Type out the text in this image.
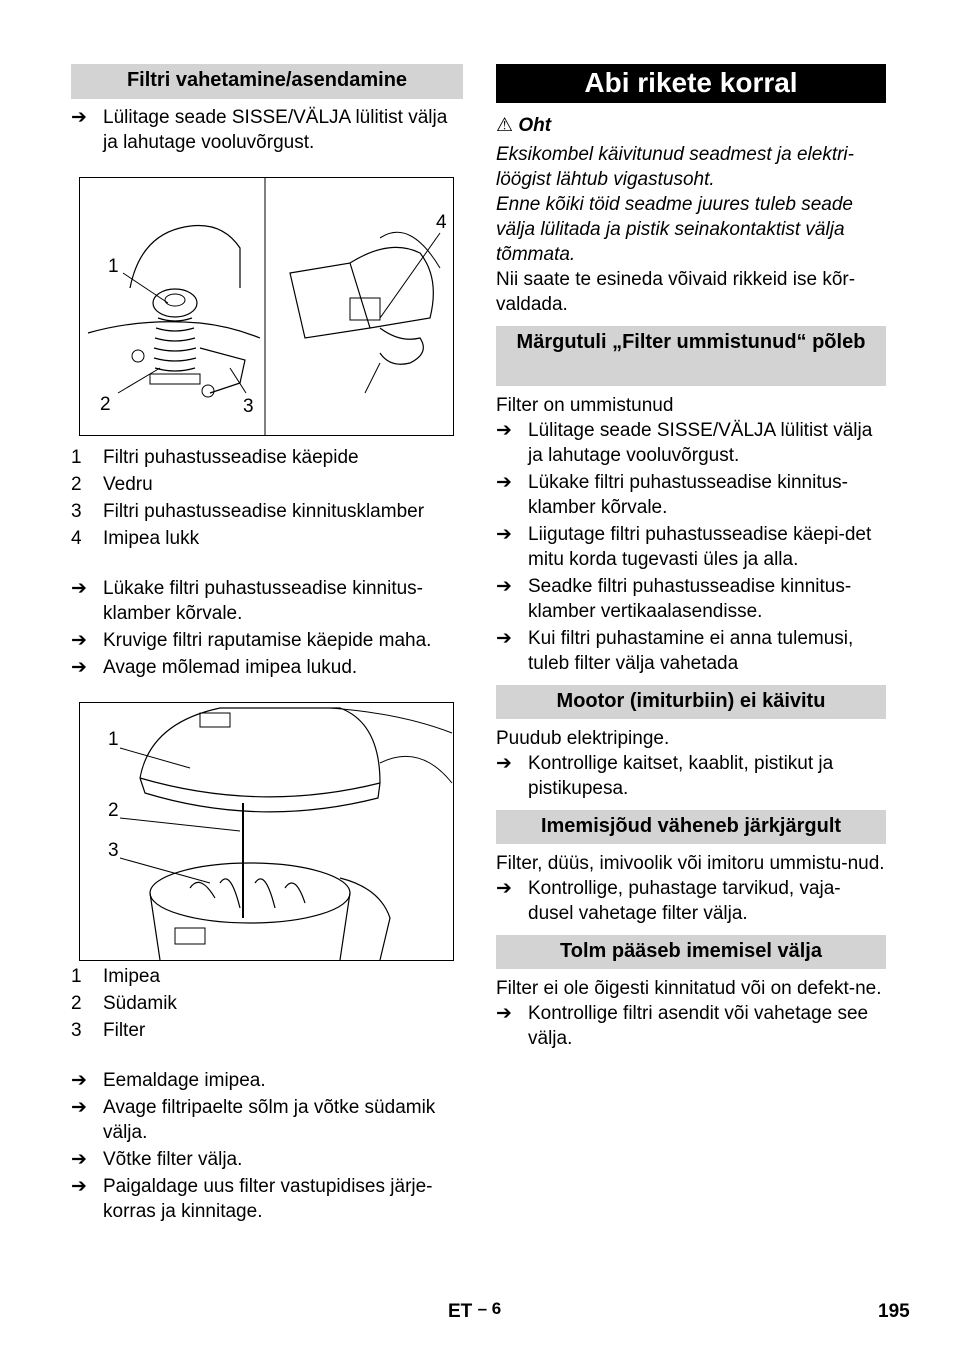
Filtri vahetamine/asendamine
➔ Lülitage seade SISSE/VÄLJA lülitist välja ja lahutage vooluvõrgust.
1
2	3
4
1 Filtri puhastusseadise käepide
2 Vedru
3 Filtri puhastusseadise kinnitusklamber
4 Imipea lukk
➔ Lükake filtri puhastusseadise kinnitus-klamber kõrvale.
➔ Kruvige filtri raputamise käepide maha.
➔ Avage mõlemad imipea lukud.
1
2
3
1 Imipea
2 Südamik
3 Filter
➔ Eemaldage imipea.
➔ Avage filtripaelte sõlm ja võtke südamik välja.
➔ Võtke filter välja.
➔ Paigaldage uus filter vastupidises järje-korras ja kinnitage.
Abi rikete korral
⚠ Oht
Eksikombel käivitunud seadmest ja elektri-löögist lähtub vigastusoht.
Enne kõiki töid seadme juures tuleb seade välja lülitada ja pistik seinakontaktist välja tõmmata.
Nii saate te esineda võivaid rikkeid ise kõr-valdada.
Märgutuli „Filter ummistunud“ põleb
Filter on ummistunud
➔ Lülitage seade SISSE/VÄLJA lülitist välja ja lahutage vooluvõrgust.
➔ Lükake filtri puhastusseadise kinnitus-klamber kõrvale.
➔ Liigutage filtri puhastusseadise käepi-det mitu korda tugevasti üles ja alla.
➔ Seadke filtri puhastusseadise kinnitus-klamber vertikaalasendisse.
➔ Kui filtri puhastamine ei anna tulemusi, tuleb filter välja vahetada
Mootor (imiturbiin) ei käivitu
Puudub elektripinge.
➔ Kontrollige kaitset, kaablit, pistikut ja pistikupesa.
Imemisjõud väheneb järkjärgult
Filter, düüs, imivoolik või imitoru ummistu-nud.
➔ Kontrollige, puhastage tarvikud, vaja-dusel vahetage filter välja.
Tolm pääseb imemisel välja
Filter ei ole õigesti kinnitatud või on defekt-ne.
➔ Kontrollige filtri asendit või vahetage see välja.
ET – 6	195
